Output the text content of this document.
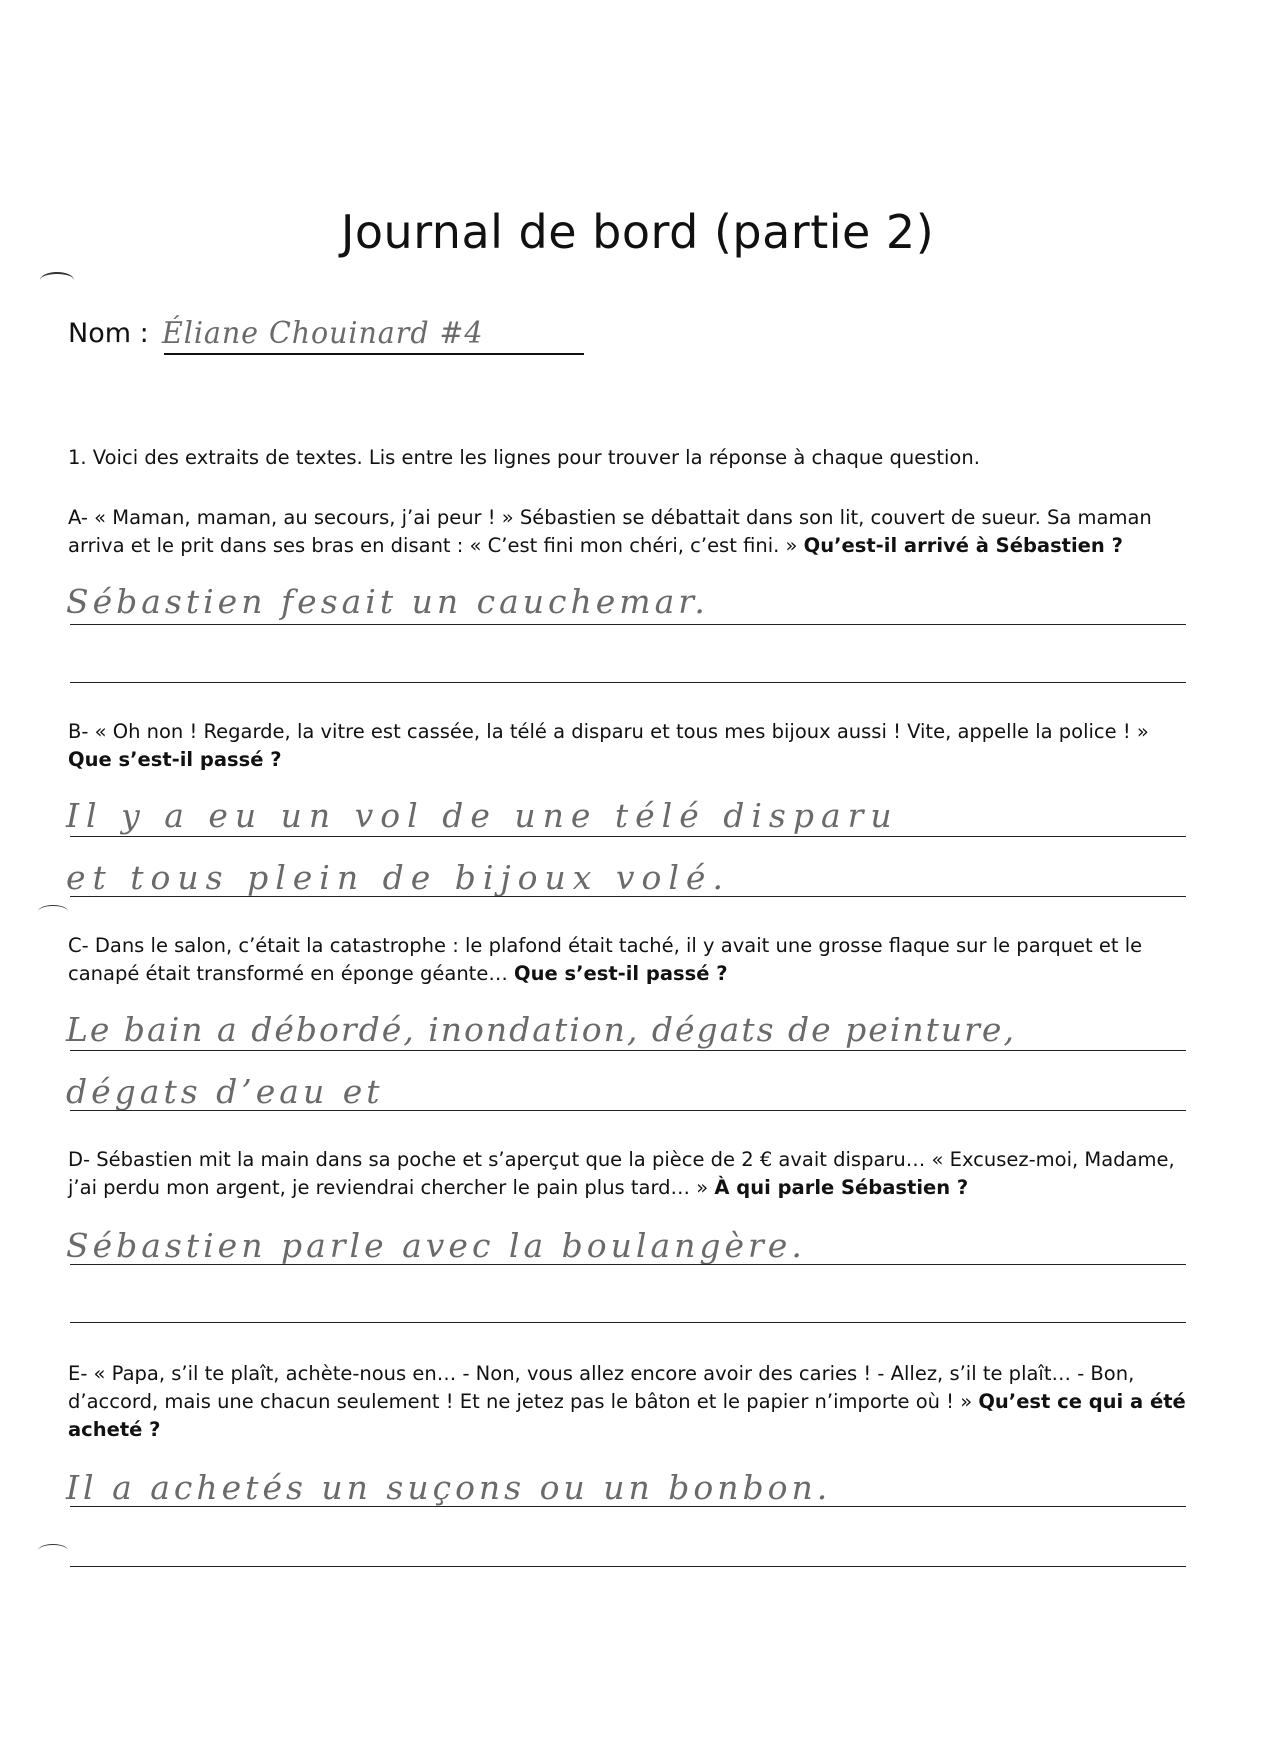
Journal de bord (partie 2)
Nom : Éliane Chouinard #4
1. Voici des extraits de textes. Lis entre les lignes pour trouver la réponse à chaque question.
A- « Maman, maman, au secours, j’ai peur ! » Sébastien se débattait dans son lit, couvert de sueur. Sa maman arriva et le prit dans ses bras en disant : « C’est fini mon chéri, c’est fini. » Qu’est-il arrivé à Sébastien ?
Sébastien fesait un cauchemar.
B- « Oh non ! Regarde, la vitre est cassée, la télé a disparu et tous mes bijoux aussi ! Vite, appelle la police ! » Que s’est-il passé ?
Il y a eu un vol de une télé disparu
et tous plein de bijoux volé.
C- Dans le salon, c’était la catastrophe : le plafond était taché, il y avait une grosse flaque sur le parquet et le canapé était transformé en éponge géante… Que s’est-il passé ?
Le bain a débordé, inondation, dégats de peinture,
dégats d’eau et
D- Sébastien mit la main dans sa poche et s’aperçut que la pièce de 2 € avait disparu… « Excusez-moi, Madame, j’ai perdu mon argent, je reviendrai chercher le pain plus tard… » À qui parle Sébastien ?
Sébastien parle avec la boulangère.
E- « Papa, s’il te plaît, achète-nous en… - Non, vous allez encore avoir des caries ! - Allez, s’il te plaît… - Bon, d’accord, mais une chacun seulement ! Et ne jetez pas le bâton et le papier n’importe où ! » Qu’est ce qui a été acheté ?
Il a achetés un suçons ou un bonbon.
